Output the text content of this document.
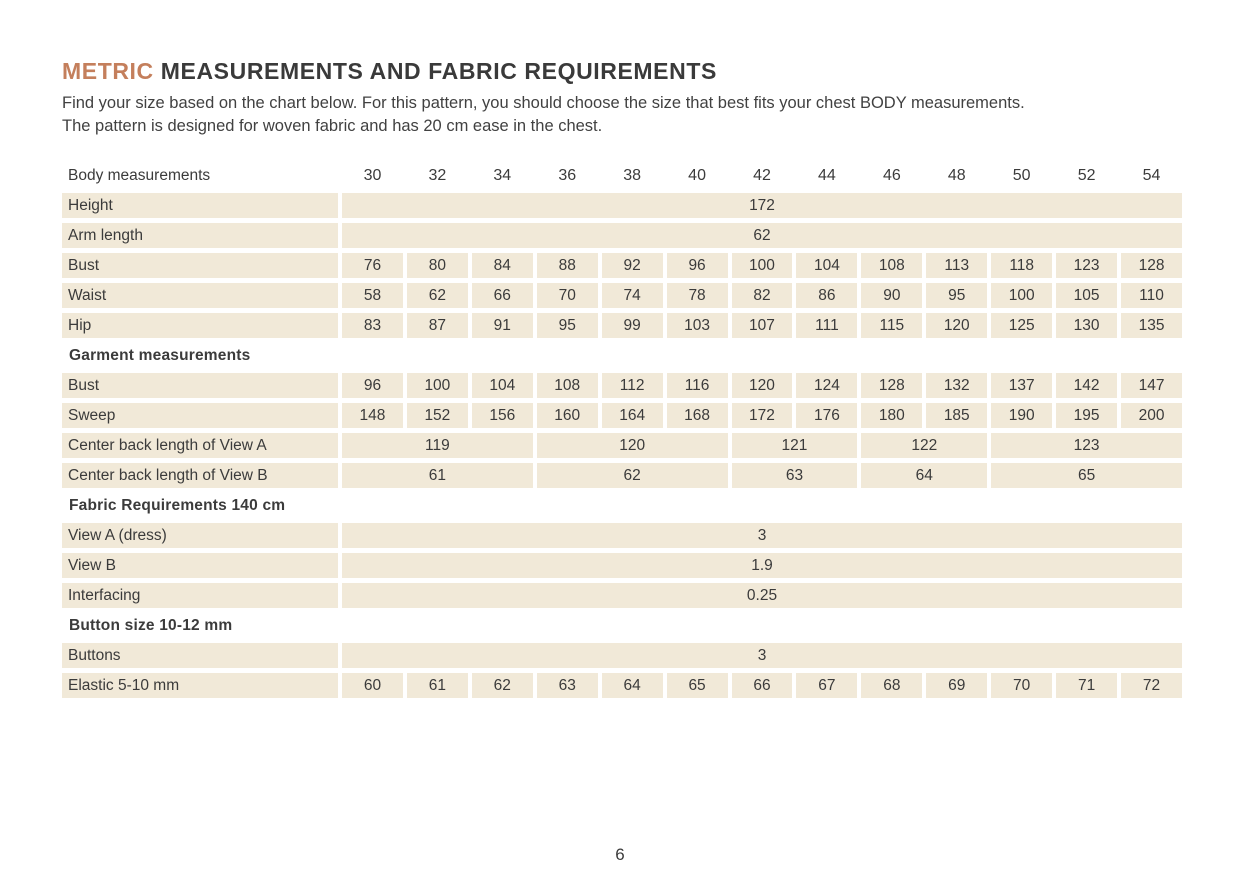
METRIC MEASUREMENTS AND FABRIC REQUIREMENTS
Find your size based on the chart below. For this pattern, you should choose the size that best fits your chest BODY measurements.
The pattern is designed for woven fabric and has 20 cm ease in the chest.
Body measurements	30	32	34	36	38	40	42	44	46	48	50	52	54
Height	172
Arm length	62
Bust	76	80	84	88	92	96	100	104	108	113	118	123	128
Waist	58	62	66	70	74	78	82	86	90	95	100	105	110
Hip	83	87	91	95	99	103	107	111	115	120	125	130	135
Garment measurements
Bust	96	100	104	108	112	116	120	124	128	132	137	142	147
Sweep	148	152	156	160	164	168	172	176	180	185	190	195	200
Center back length of View A	119	120	121	122	123
Center back length of View B	61	62	63	64	65
Fabric Requirements 140 cm
View A (dress)	3
View B	1.9
Interfacing	0.25
Button size 10-12 mm
Buttons	3
Elastic 5-10 mm	60	61	62	63	64	65	66	67	68	69	70	71	72
6
